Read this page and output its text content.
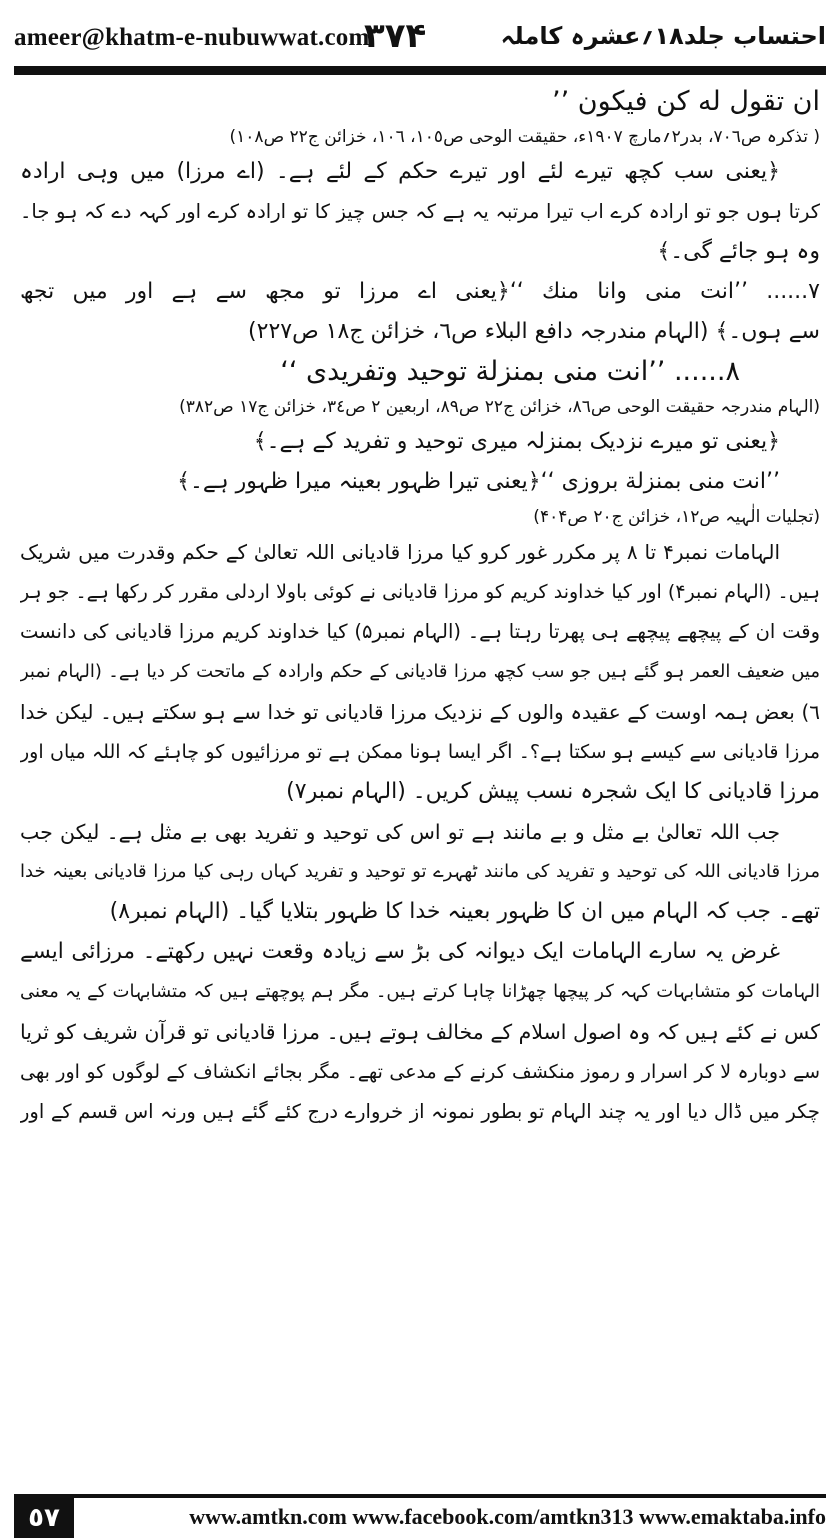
ameer@khatm-e-nubuwwat.com
٣٧۴	احتساب جلد١٨؍عشرہ کاملہ
ان تقول له كن فيكون ’’
( تذکرہ ص٧٠٦، بدر٢؍مارچ ١٩٠٧ء، حقیقت الوحی ص١٠٥، ١٠٦، خزائن ج٢٢ ص١٠٨)
﴿یعنی سب کچھ تیرے لئے اور تیرے حکم کے لئے ہے۔ (اے مرزا) میں وہی ارادہ
کرتا ہوں جو تو ارادہ کرے اب تیرا مرتبہ یہ ہے کہ جس چیز کا تو ارادہ کرے اور کہہ دے کہ ہو جا۔
وہ ہو جائے گی۔﴾
٧...... ’’انت منى وانا منك ‘‘﴿یعنی اے مرزا تو مجھ سے ہے اور میں تجھ
سے ہوں۔﴾ (الہام مندرجہ دافع البلاء ص٦، خزائن ج١٨ ص٢٢٧)
٨...... ’’انت منى بمنزلة توحيد وتفريدى ‘‘
(الہام مندرجہ حقیقت الوحی ص٨٦، خزائن ج٢٢ ص٨٩، اربعین ٢ ص٣٤، خزائن ج١٧ ص٣٨٢)
﴿یعنی تو میرے نزدیک بمنزلہ میری توحید و تفرید کے ہے۔﴾
’’انت منى بمنزلة بروزى ‘‘﴿یعنی تیرا ظہور بعینہ میرا ظہور ہے۔﴾
(تجلیات الٰہیہ ص١٢، خزائن ج٢٠ ص۴٠۴)
الہامات نمبر۴ تا ٨ پر مکرر غور کرو کیا مرزا قادیانی اللہ تعالیٰ کے حکم وقدرت میں شریک
ہیں۔ (الہام نمبر۴) اور کیا خداوند کریم کو مرزا قادیانی نے کوئی باولا اردلی مقرر کر رکھا ہے۔ جو ہر
وقت ان کے پیچھے پیچھے ہی پھرتا رہتا ہے۔ (الہام نمبر۵) کیا خداوند کریم مرزا قادیانی کی دانست
میں ضعیف العمر ہو گئے ہیں جو سب کچھ مرزا قادیانی کے حکم وارادہ کے ماتحت کر دیا ہے۔ (الہام نمبر
٦) بعض ہمہ اوست کے عقیدہ والوں کے نزدیک مرزا قادیانی تو خدا سے ہو سکتے ہیں۔ لیکن خدا
مرزا قادیانی سے کیسے ہو سکتا ہے؟۔ اگر ایسا ہونا ممکن ہے تو مرزائیوں کو چاہئے کہ اللہ میاں اور
مرزا قادیانی کا ایک شجرہ نسب پیش کریں۔ (الہام نمبر٧)
جب اللہ تعالیٰ بے مثل و بے مانند ہے تو اس کی توحید و تفرید بھی بے مثل ہے۔ لیکن جب
مرزا قادیانی اللہ کی توحید و تفرید کی مانند ٹھہرے تو توحید و تفرید کہاں رہی کیا مرزا قادیانی بعینہ خدا
تھے۔ جب کہ الہام میں ان کا ظہور بعینہ خدا کا ظہور بتلایا گیا۔ (الہام نمبر٨)
غرض یہ سارے الہامات ایک دیوانہ کی بڑ سے زیادہ وقعت نہیں رکھتے۔ مرزائی ایسے
الہامات کو متشابہات کہہ کر پیچھا چھڑانا چاہا کرتے ہیں۔ مگر ہم پوچھتے ہیں کہ متشابہات کے یہ معنی
کس نے کئے ہیں کہ وہ اصول اسلام کے مخالف ہوتے ہیں۔ مرزا قادیانی تو قرآن شریف کو ثریا
سے دوبارہ لا کر اسرار و رموز منکشف کرنے کے مدعی تھے۔ مگر بجائے انکشاف کے لوگوں کو اور بھی
چکر میں ڈال دیا اور یہ چند الہام تو بطور نمونہ از خروارے درج کئے گئے ہیں ورنہ اس قسم کے اور
٥٧	www.amtkn.com www.facebook.com/amtkn313 www.emaktaba.info
